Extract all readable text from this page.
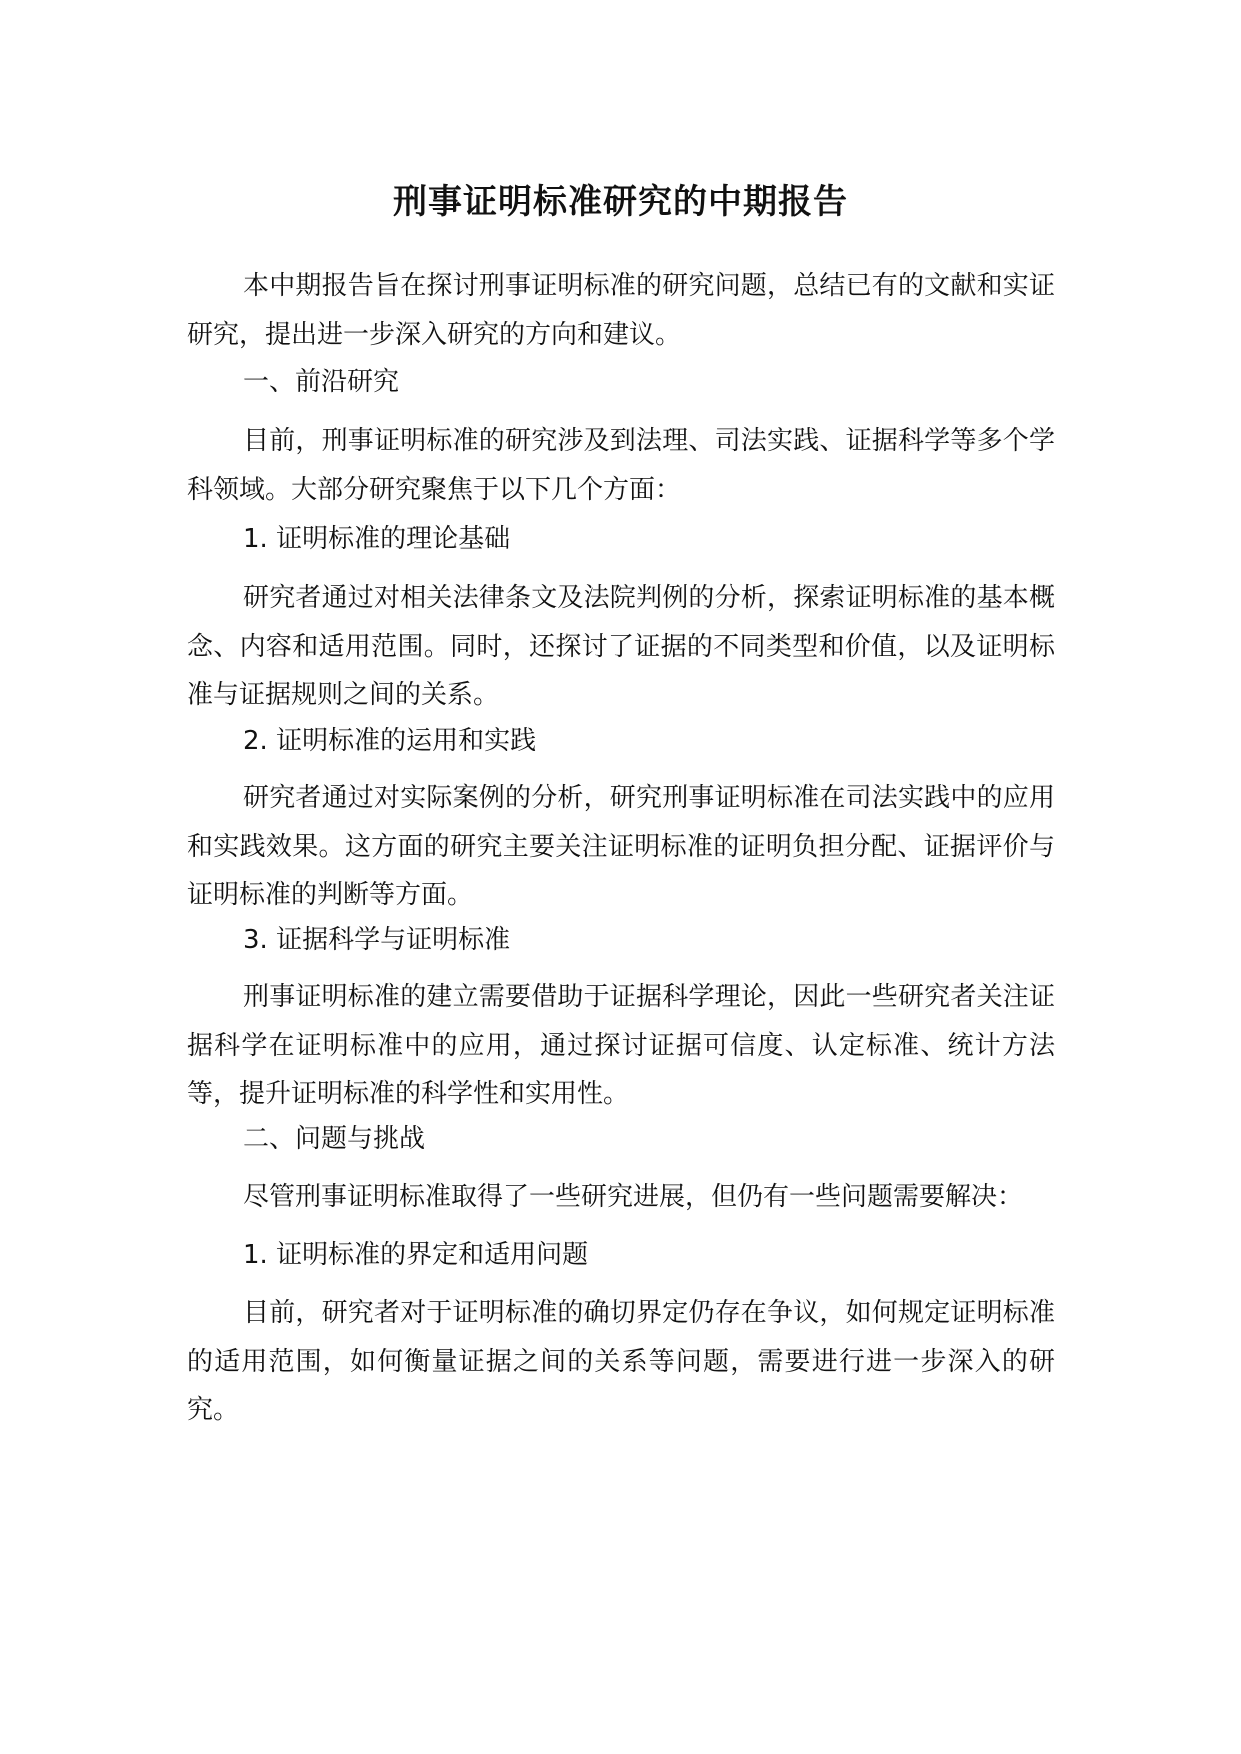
刑事证明标准研究的中期报告

本中期报告旨在探讨刑事证明标准的研究问题，总结已有的文献和实证研究，提出进一步深入研究的方向和建议。

一、前沿研究

目前，刑事证明标准的研究涉及到法理、司法实践、证据科学等多个学科领域。大部分研究聚焦于以下几个方面：

1. 证明标准的理论基础

研究者通过对相关法律条文及法院判例的分析，探索证明标准的基本概念、内容和适用范围。同时，还探讨了证据的不同类型和价值，以及证明标准与证据规则之间的关系。

2. 证明标准的运用和实践

研究者通过对实际案例的分析，研究刑事证明标准在司法实践中的应用和实践效果。这方面的研究主要关注证明标准的证明负担分配、证据评价与证明标准的判断等方面。

3. 证据科学与证明标准

刑事证明标准的建立需要借助于证据科学理论，因此一些研究者关注证据科学在证明标准中的应用，通过探讨证据可信度、认定标准、统计方法等，提升证明标准的科学性和实用性。

二、问题与挑战

尽管刑事证明标准取得了一些研究进展，但仍有一些问题需要解决：

1. 证明标准的界定和适用问题

目前，研究者对于证明标准的确切界定仍存在争议，如何规定证明标准的适用范围，如何衡量证据之间的关系等问题，需要进行进一步深入的研究。
